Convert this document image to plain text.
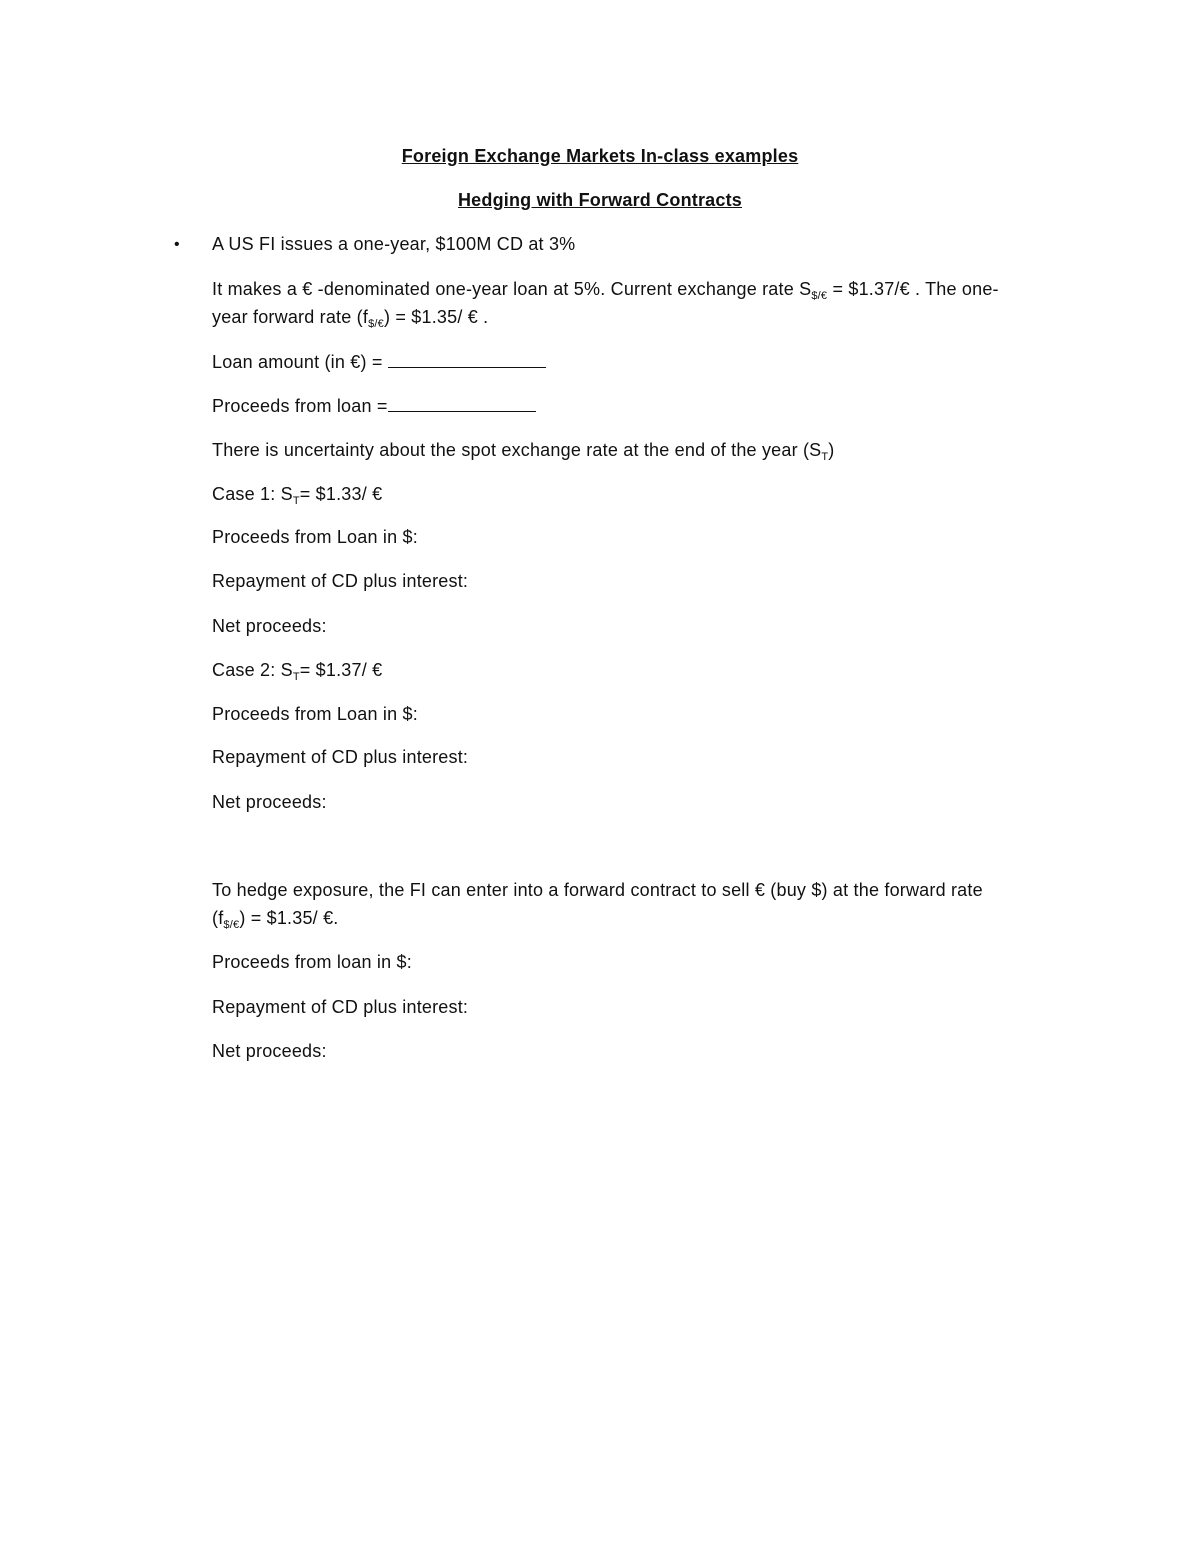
Foreign Exchange Markets In-class examples
Hedging with Forward Contracts
• A US FI issues a one-year, $100M CD at 3%
It makes a € -denominated one-year loan at 5%. Current exchange rate $S_{\$/€}$ = $1.37/€ . The one-
year forward rate $(f_{\$/€})$ = $1.35/ € .
Loan amount (in €) =
Proceeds from loan =
There is uncertainty about the spot exchange rate at the end of the year $(S_T)$
Case 1: $S_T=$ $1.33/ €
Proceeds from Loan in $:
Repayment of CD plus interest:
Net proceeds:
Case 2: $S_T=$ $1.37/ €
Proceeds from Loan in $:
Repayment of CD plus interest:
Net proceeds:
To hedge exposure, the FI can enter into a forward contract to sell € (buy $) at the forward rate
$(f_{\$/€})$ = $1.35/ €.
Proceeds from loan in $:
Repayment of CD plus interest:
Net proceeds:
